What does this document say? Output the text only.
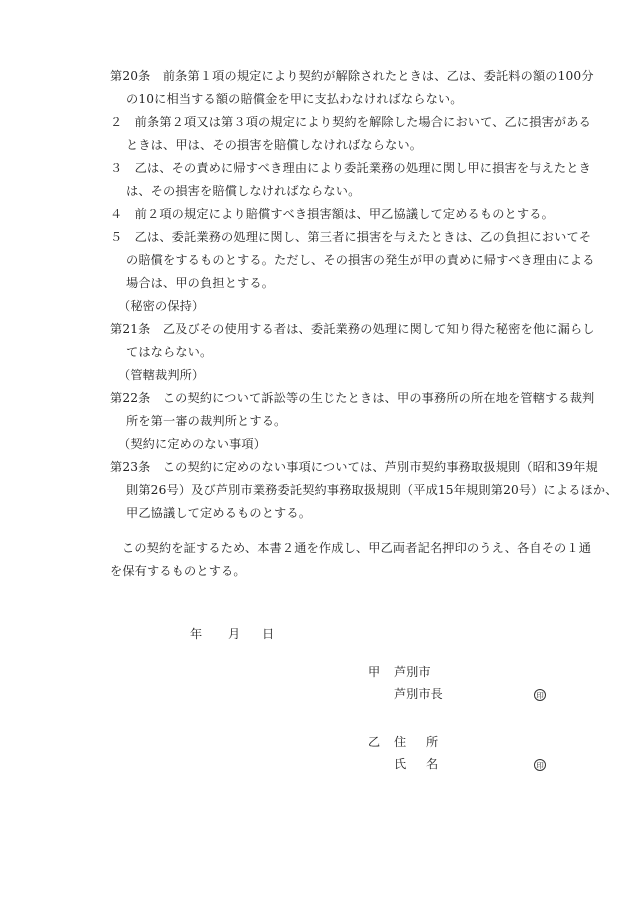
第20条　前条第１項の規定により契約が解除されたときは、乙は、委託料の額の100分
の10に相当する額の賠償金を甲に支払わなければならない。
２　前条第２項又は第３項の規定により契約を解除した場合において、乙に損害がある
ときは、甲は、その損害を賠償しなければならない。
３　乙は、その責めに帰すべき理由により委託業務の処理に関し甲に損害を与えたとき
は、その損害を賠償しなければならない。
４　前２項の規定により賠償すべき損害額は、甲乙協議して定めるものとする。
５　乙は、委託業務の処理に関し、第三者に損害を与えたときは、乙の負担においてそ
の賠償をするものとする。ただし、その損害の発生が甲の責めに帰すべき理由による
場合は、甲の負担とする。
（秘密の保持）
第21条　乙及びその使用する者は、委託業務の処理に関して知り得た秘密を他に漏らし
てはならない。
（管轄裁判所）
第22条　この契約について訴訟等の生じたときは、甲の事務所の所在地を管轄する裁判
所を第一審の裁判所とする。
（契約に定めのない事項）
第23条　この契約に定めのない事項については、芦別市契約事務取扱規則（昭和39年規
則第26号）及び芦別市業務委託契約事務取扱規則（平成15年規則第20号）によるほか、
甲乙協議して定めるものとする。
この契約を証するため、本書２通を作成し、甲乙両者記名押印のうえ、各自その１通
を保有するものとする。
年 月 日
甲 芦別市
芦別市長	印
乙 住 所
氏 名	印
